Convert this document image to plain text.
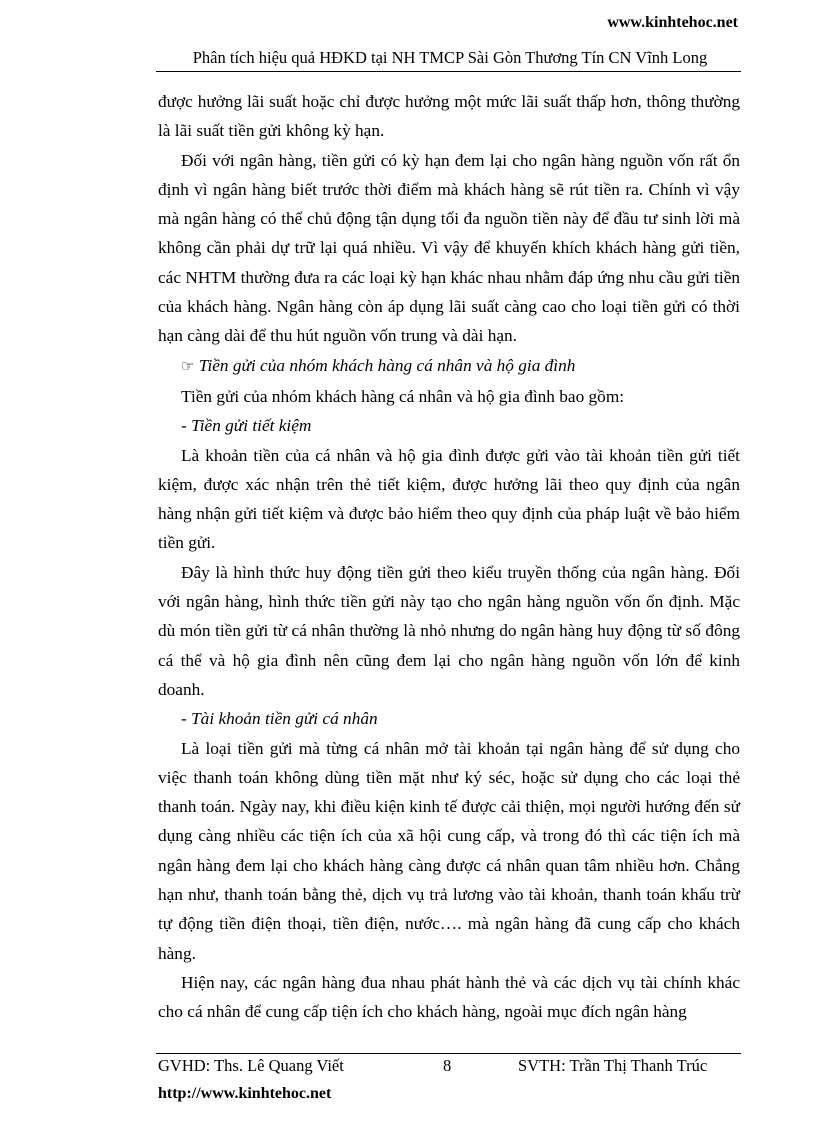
www.kinhtehoc.net
Phân tích hiệu quả HĐKD tại NH TMCP Sài Gòn Thương Tín CN Vĩnh Long

được hưởng lãi suất hoặc chỉ được hưởng một mức lãi suất thấp hơn, thông thường là lãi suất tiền gửi không kỳ hạn.

Đối với ngân hàng, tiền gửi có kỳ hạn đem lại cho ngân hàng nguồn vốn rất ổn định vì ngân hàng biết trước thời điểm mà khách hàng sẽ rút tiền ra. Chính vì vậy mà ngân hàng có thể chủ động tận dụng tối đa nguồn tiền này để đầu tư sinh lời mà không cần phải dự trữ lại quá nhiều. Vì vậy để khuyến khích khách hàng gửi tiền, các NHTM thường đưa ra các loại kỳ hạn khác nhau nhằm đáp ứng nhu cầu gửi tiền của khách hàng. Ngân hàng còn áp dụng lãi suất càng cao cho loại tiền gửi có thời hạn càng dài để thu hút nguồn vốn trung và dài hạn.

☞ Tiền gửi của nhóm khách hàng cá nhân và hộ gia đình

Tiền gửi của nhóm khách hàng cá nhân và hộ gia đình bao gồm:

- Tiền gửi tiết kiệm

Là khoản tiền của cá nhân và hộ gia đình được gửi vào tài khoản tiền gửi tiết kiệm, được xác nhận trên thẻ tiết kiệm, được hưởng lãi theo quy định của ngân hàng nhận gửi tiết kiệm và được bảo hiểm theo quy định của pháp luật về bảo hiểm tiền gửi.

Đây là hình thức huy động tiền gửi theo kiểu truyền thống của ngân hàng. Đối với ngân hàng, hình thức tiền gửi này tạo cho ngân hàng nguồn vốn ổn định. Mặc dù món tiền gửi từ cá nhân thường là nhỏ nhưng do ngân hàng huy động từ số đông cá thể và hộ gia đình nên cũng đem lại cho ngân hàng nguồn vốn lớn để kinh doanh.

- Tài khoản tiền gửi cá nhân

Là loại tiền gửi mà từng cá nhân mở tài khoản tại ngân hàng để sử dụng cho việc thanh toán không dùng tiền mặt như ký séc, hoặc sử dụng cho các loại thẻ thanh toán. Ngày nay, khi điều kiện kinh tế được cải thiện, mọi người hướng đến sử dụng càng nhiều các tiện ích của xã hội cung cấp, và trong đó thì các tiện ích mà ngân hàng đem lại cho khách hàng càng được cá nhân quan tâm nhiều hơn. Chẳng hạn như, thanh toán bằng thẻ, dịch vụ trả lương vào tài khoản, thanh toán khấu trừ tự động tiền điện thoại, tiền điện, nước…. mà ngân hàng đã cung cấp cho khách hàng.

Hiện nay, các ngân hàng đua nhau phát hành thẻ và các dịch vụ tài chính khác cho cá nhân để cung cấp tiện ích cho khách hàng, ngoài mục đích ngân hàng

GVHD: Ths. Lê Quang Viết	8	SVTH: Trần Thị Thanh Trúc
http://www.kinhtehoc.net
